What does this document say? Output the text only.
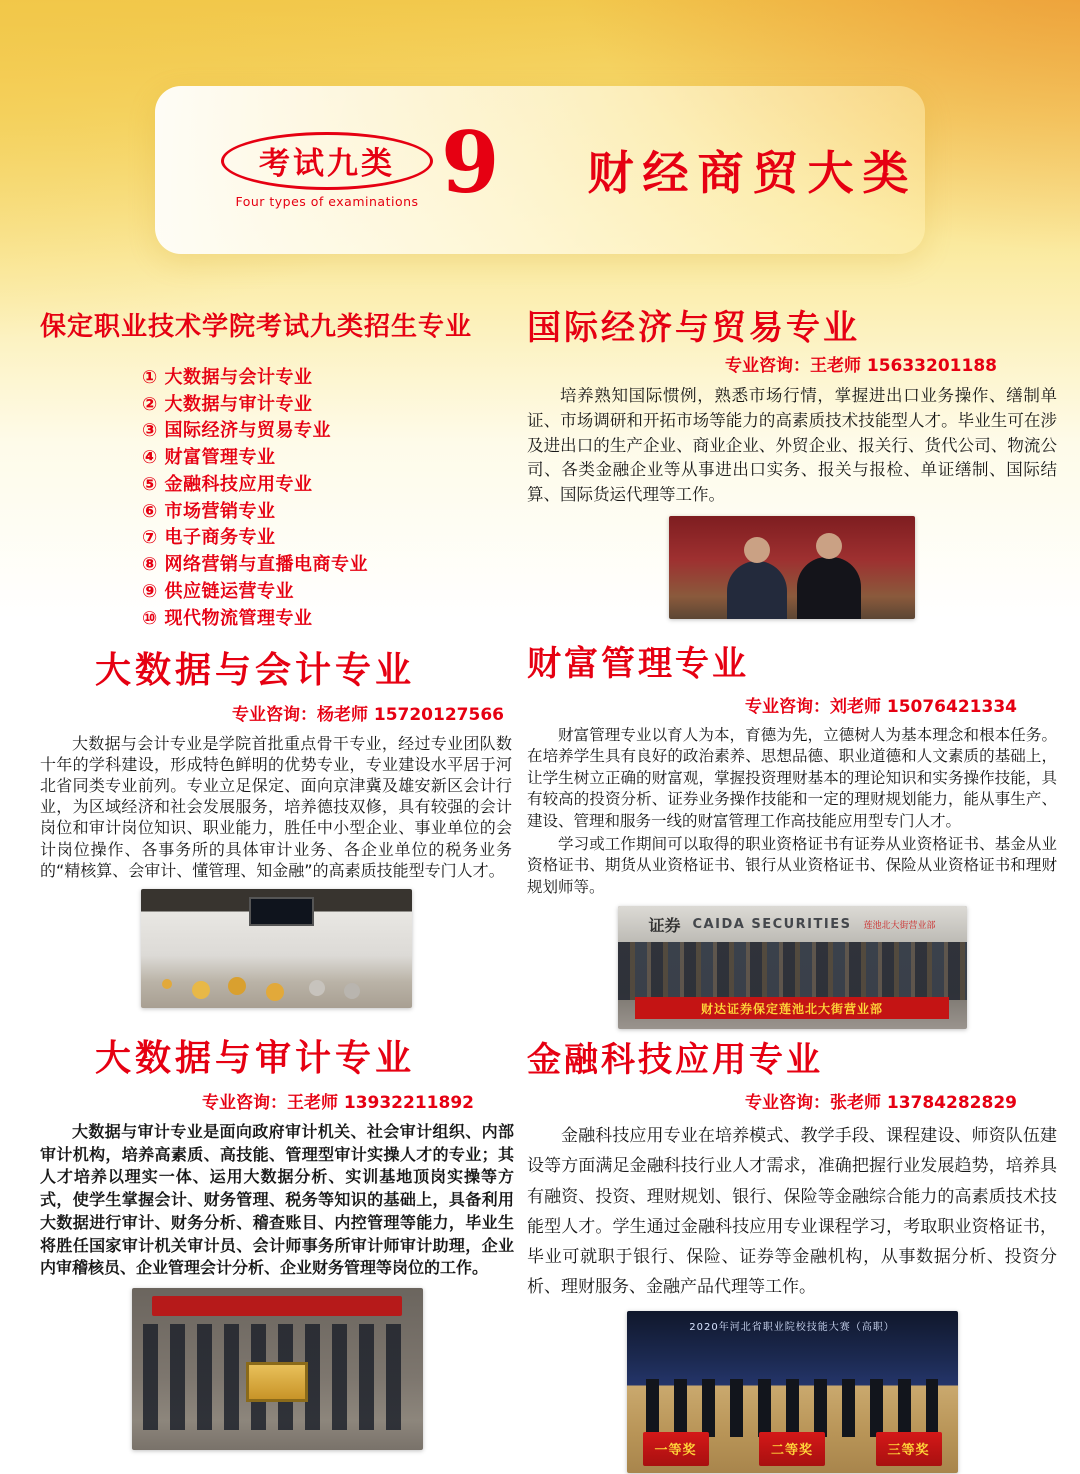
考试九类
Four types of examinations 9 财经商贸大类
保定职业技术学院考试九类招生专业
① 大数据与会计专业
② 大数据与审计专业
③ 国际经济与贸易专业
④ 财富管理专业
⑤ 金融科技应用专业
⑥ 市场营销专业
⑦ 电子商务专业
⑧ 网络营销与直播电商专业
⑨ 供应链运营专业
⑩ 现代物流管理专业
国际经济与贸易专业
专业咨询：王老师 15633201188

培养熟知国际惯例，熟悉市场行情，掌握进出口业务操作、缮制单证、市场调研和开拓市场等能力的高素质技术技能型人才。毕业生可在涉及进出口的生产企业、商业企业、外贸企业、报关行、货代公司、物流公司、各类金融企业等从事进出口实务、报关与报检、单证缮制、国际结算、国际货运代理等工作。

大数据与会计专业
专业咨询：杨老师 15720127566

大数据与会计专业是学院首批重点骨干专业，经过专业团队数十年的学科建设，形成特色鲜明的优势专业，专业建设水平居于河北省同类专业前列。专业立足保定、面向京津冀及雄安新区会计行业，为区域经济和社会发展服务，培养德技双修，具有较强的会计岗位和审计岗位知识、职业能力，胜任中小型企业、事业单位的会计岗位操作、各事务所的具体审计业务、各企业单位的税务业务的“精核算、会审计、懂管理、知金融”的高素质技能型专门人才。

财富管理专业
专业咨询：刘老师 15076421334

财富管理专业以育人为本，育德为先，立德树人为基本理念和根本任务。在培养学生具有良好的政治素养、思想品德、职业道德和人文素质的基础上，让学生树立正确的财富观，掌握投资理财基本的理论知识和实务操作技能，具有较高的投资分析、证券业务操作技能和一定的理财规划能力，能从事生产、建设、管理和服务一线的财富管理工作高技能应用型专门人才。

学习或工作期间可以取得的职业资格证书有证券从业资格证书、基金从业资格证书、期货从业资格证书、银行从业资格证书、保险从业资格证书和理财规划师等。

证券 CAIDA SECURITIES 莲池北大街营业部
财达证券保定莲池北大街营业部
大数据与审计专业
专业咨询：王老师 13932211892

大数据与审计专业是面向政府审计机关、社会审计组织、内部审计机构，培养高素质、高技能、管理型审计实操人才的专业；其人才培养以理实一体、运用大数据分析、实训基地顶岗实操等方式，使学生掌握会计、财务管理、税务等知识的基础上，具备利用大数据进行审计、财务分析、稽查账目、内控管理等能力，毕业生将胜任国家审计机关审计员、会计师事务所审计师审计助理，企业内审稽核员、企业管理会计分析、企业财务管理等岗位的工作。

金融科技应用专业
专业咨询：张老师 13784282829

金融科技应用专业在培养模式、教学手段、课程建设、师资队伍建设等方面满足金融科技行业人才需求，准确把握行业发展趋势，培养具有融资、投资、理财规划、银行、保险等金融综合能力的高素质技术技能型人才。学生通过金融科技应用专业课程学习，考取职业资格证书，毕业可就职于银行、保险、证券等金融机构，从事数据分析、投资分析、理财服务、金融产品代理等工作。

2020年河北省职业院校技能大赛（高职）
一等奖	二等奖	三等奖
